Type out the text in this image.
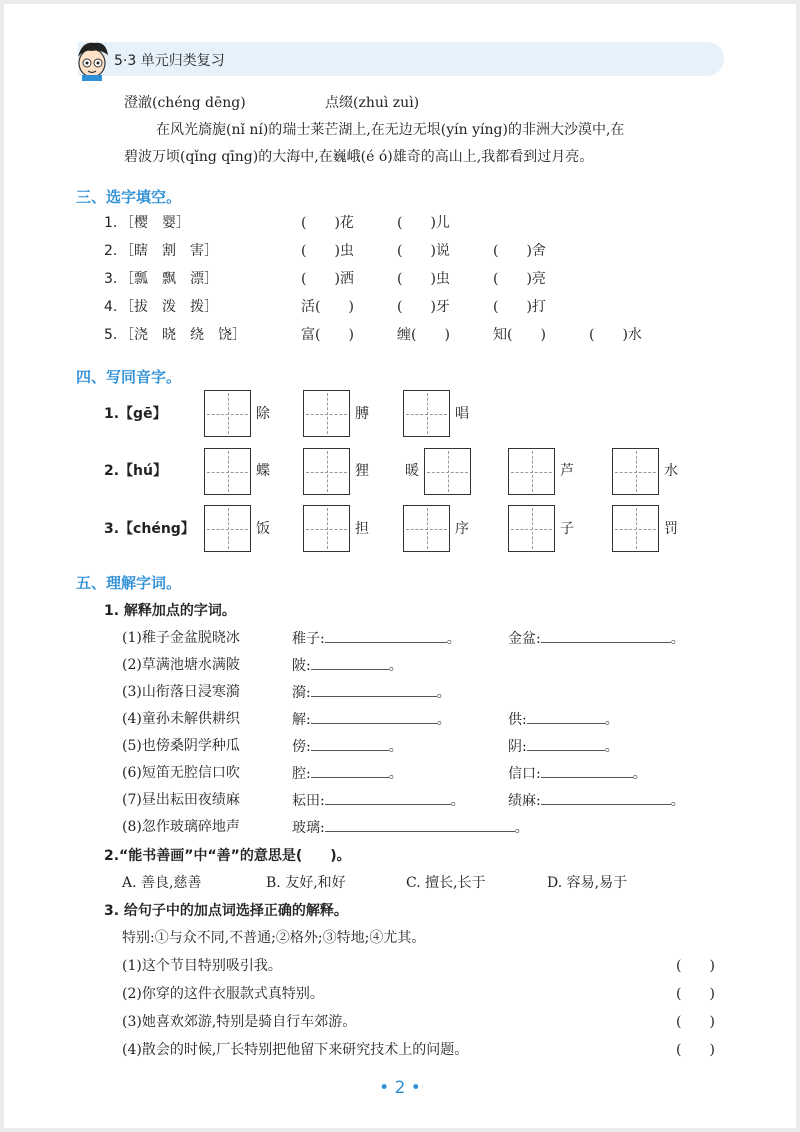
5·3 单元归类复习
澄澈(chéng dēng)	点缀(zhuì zuì)
在风光旖旎(nǐ ní)的瑞士莱芒湖上,在无边无垠(yín yíng)的非洲大沙漠中,在
碧波万顷(qǐng qīng)的大海中,在巍峨(é ó)雄奇的高山上,我都看到过月亮。
三、选字填空。
1. ［樱　婴］	(　　)花	(　　)儿
2. ［瞎　割　害］	(　　)虫	(　　)说	(　　)舍
3. ［瓢　飘　漂］	(　　)洒	(　　)虫	(　　)亮
4. ［拔　泼　拨］	活(　　)	(　　)牙	(　　)打
5. ［浇　晓　绕　饶］	富(　　)	缠(　　)	知(　　)	(　　)水
四、写同音字。
1.【gē】	除	膊	唱
2.【hú】	蝶	狸	暖	芦	水
3.【chéng】	饭	担	序	子	罚
五、理解字词。
1. 解释加点的字词。
(1)稚子金盆脱晓冰	稚子:	。	金盆:	。
(2)草满池塘水满陂	陂:	。
(3)山衔落日浸寒漪	漪:	。
(4)童孙未解供耕织	解:	。	供:	。
(5)也傍桑阴学种瓜	傍:	。	阴:	。
(6)短笛无腔信口吹	腔:	。	信口:	。
(7)昼出耘田夜绩麻	耘田:	。	绩麻:	。
(8)忽作玻璃碎地声	玻璃:	。
2.“能书善画”中“善”的意思是(　　)。
A. 善良,慈善	B. 友好,和好	C. 擅长,长于	D. 容易,易于
3. 给句子中的加点词选择正确的解释。
特别:①与众不同,不普通;②格外;③特地;④尤其。
(1)这个节目特别吸引我。	(　　)
(2)你穿的这件衣服款式真特别。	(　　)
(3)她喜欢郊游,特别是骑自行车郊游。	(　　)
(4)散会的时候,厂长特别把他留下来研究技术上的问题。	(　　)
• 2 •
